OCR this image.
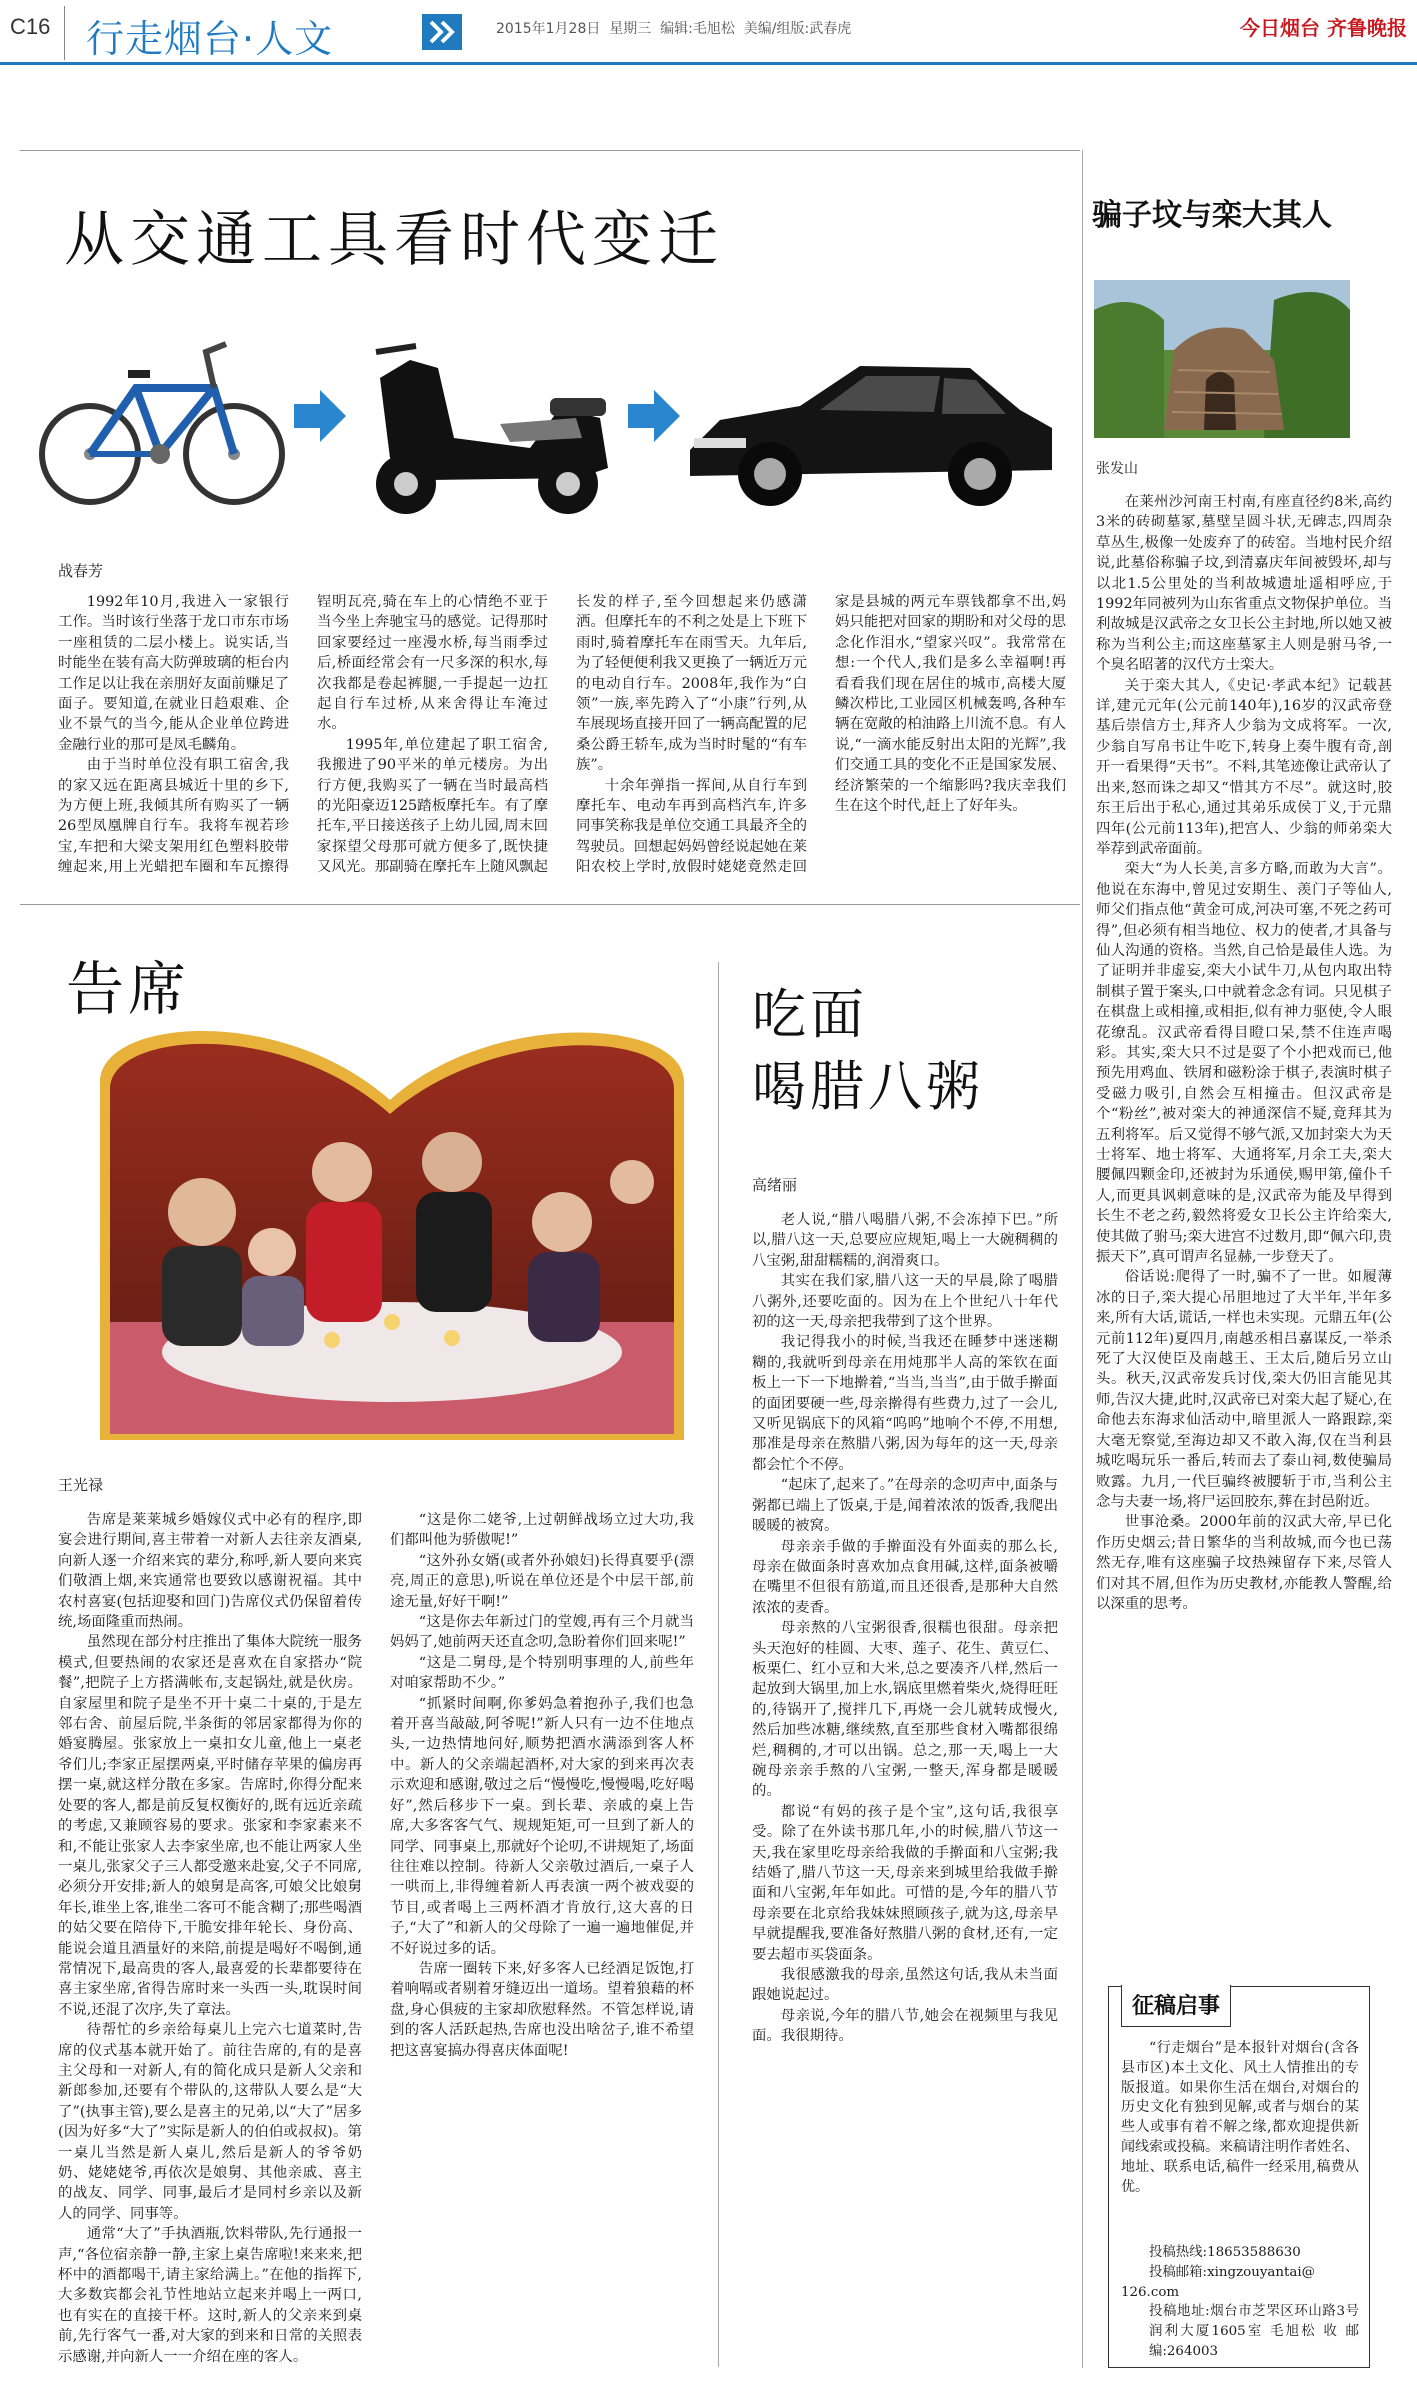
C16 行走烟台·人文	2015年1月28日  星期三  编辑:毛旭松  美编/组版:武春虎	今日烟台 齐鲁晚报
从交通工具看时代变迁
战春芳

1992年10月,我进入一家银行工作。当时该行坐落于龙口市东市场一座租赁的二层小楼上。说实话,当时能坐在装有高大防弹玻璃的柜台内工作足以让我在亲朋好友面前赚足了面子。要知道,在就业日趋艰难、企业不景气的当今,能从企业单位跨进金融行业的那可是凤毛麟角。

由于当时单位没有职工宿舍,我的家又远在距离县城近十里的乡下,为方便上班,我倾其所有购买了一辆26型凤凰牌自行车。我将车视若珍宝,车把和大梁支架用红色塑料胶带缠起来,用上光蜡把车圈和车瓦擦得锃明瓦亮,骑在车上的心情绝不亚于当今坐上奔驰宝马的感觉。记得那时回家要经过一座漫水桥,每当雨季过后,桥面经常会有一尺多深的积水,每次我都是卷起裤腿,一手提起一边扛起自行车过桥,从来舍得让车淹过水。

1995年,单位建起了职工宿舍,我搬进了90平米的单元楼房。为出行方便,我购买了一辆在当时最高档的光阳豪迈125踏板摩托车。有了摩托车,平日接送孩子上幼儿园,周末回家探望父母那可就方便多了,既快捷又风光。那副骑在摩托车上随风飘起长发的样子,至今回想起来仍感潇洒。但摩托车的不利之处是上下班下雨时,骑着摩托车在雨雪天。九年后,为了轻便便利我又更换了一辆近万元的电动自行车。2008年,我作为“白领”一族,率先跨入了“小康”行列,从车展现场直接开回了一辆高配置的尼桑公爵王轿车,成为当时时髦的“有车族”。

十余年弹指一挥间,从自行车到摩托车、电动车再到高档汽车,许多同事笑称我是单位交通工具最齐全的驾驶员。回想起妈妈曾经说起她在莱阳农校上学时,放假时姥姥竟然走回家是县城的两元车票钱都拿不出,妈妈只能把对回家的期盼和对父母的思念化作泪水,“望家兴叹”。我常常在想:一个代人,我们是多么幸福啊!再看看我们现在居住的城市,高楼大厦鳞次栉比,工业园区机械轰鸣,各种车辆在宽敞的柏油路上川流不息。有人说,“一滴水能反射出太阳的光辉”,我们交通工具的变化不正是国家发展、经济繁荣的一个缩影吗?我庆幸我们生在这个时代,赶上了好年头。

告席
王光禄

告席是莱莱城乡婚嫁仪式中必有的程序,即宴会进行期间,喜主带着一对新人去往亲友酒桌,向新人逐一介绍来宾的辈分,称呼,新人要向来宾们敬酒上烟,来宾通常也要致以感谢祝福。其中农村喜宴(包括迎娶和回门)告席仪式仍保留着传统,场面隆重而热闹。

虽然现在部分村庄推出了集体大院统一服务模式,但要热闹的农家还是喜欢在自家搭办“院餐”,把院子上方搭满帐布,支起锅灶,就是伙房。自家屋里和院子是坐不开十桌二十桌的,于是左邻右舍、前屋后院,半条街的邻居家都得为你的婚宴腾屋。张家放上一桌扣女儿童,他上一桌老爷们儿;李家正屋摆两桌,平时储存苹果的偏房再摆一桌,就这样分散在多家。告席时,你得分配来处要的客人,都是前反复权衡好的,既有远近亲疏的考虑,又兼顾容易的要求。张家和李家素来不和,不能让张家人去李家坐席,也不能让两家人坐一桌儿,张家父子三人都受邀来赴宴,父子不同席,必须分开安排;新人的娘舅是高客,可娘父比娘舅年长,谁坐上客,谁坐二客可不能含糊了;那些喝酒的姑父要在陪侍下,干脆安排年轮长、身份高、能说会道且酒量好的来陪,前提是喝好不喝倒,通常情况下,最高贵的客人,最喜爱的长辈都要待在喜主家坐席,省得告席时来一头西一头,耽误时间不说,还混了次序,失了章法。

待帮忙的乡亲给每桌儿上完六七道菜时,告席的仪式基本就开始了。前往告席的,有的是喜主父母和一对新人,有的简化成只是新人父亲和新郎参加,还要有个带队的,这带队人要么是“大了”(执事主管),要么是喜主的兄弟,以“大了”居多(因为好多“大了”实际是新人的伯伯或叔叔)。第一桌儿当然是新人桌儿,然后是新人的爷爷奶奶、姥姥姥爷,再依次是娘舅、其他亲戚、喜主的战友、同学、同事,最后才是同村乡亲以及新人的同学、同事等。

通常“大了”手执酒瓶,饮料带队,先行通报一声,“各位宿亲静一静,主家上桌告席啦!来来来,把杯中的酒都喝干,请主家给满上。”在他的指挥下,大多数宾都会礼节性地站立起来并喝上一两口,也有实在的直接干杯。这时,新人的父亲来到桌前,先行客气一番,对大家的到来和日常的关照表示感谢,并向新人一一介绍在座的客人。

“这是你二姥爷,上过朝鲜战场立过大功,我们都叫他为骄傲呢!”

“这外孙女婿(或者外孙娘妇)长得真要乎(漂亮,周正的意思),听说在单位还是个中层干部,前途无量,好好干啊!”

“这是你去年新过门的堂嫂,再有三个月就当妈妈了,她前两天还直念叨,急盼着你们回来呢!”

“这是二舅母,是个特别明事理的人,前些年对咱家帮助不少。”

“抓紧时间啊,你爹妈急着抱孙子,我们也急着开喜当敲敲,阿爷呢!”新人只有一边不住地点头,一边热情地问好,顺势把酒水满添到客人杯中。新人的父亲端起酒杯,对大家的到来再次表示欢迎和感谢,敬过之后“慢慢吃,慢慢喝,吃好喝好”,然后移步下一桌。到长辈、亲戚的桌上告席,大多客客气气、规规矩矩,可一旦到了新人的同学、同事桌上,那就好个论叨,不讲规矩了,场面往往难以控制。待新人父亲敬过酒后,一桌子人一哄而上,非得缠着新人再表演一两个被戏耍的节目,或者喝上三两杯酒才肯放行,这大喜的日子,“大了”和新人的父母除了一遍一遍地催促,并不好说过多的话。

告席一圈转下来,好多客人已经酒足饭饱,打着响嗝或者剔着牙缝迈出一道场。望着狼藉的杯盘,身心俱疲的主家却欣慰释然。不管怎样说,请到的客人活跃起热,告席也没出啥岔子,谁不希望把这喜宴搞办得喜庆体面呢!

吃面
喝腊八粥
高绪丽

老人说,“腊八喝腊八粥,不会冻掉下巴。”所以,腊八这一天,总要应应规矩,喝上一大碗稠稠的八宝粥,甜甜糯糯的,润滑爽口。

其实在我们家,腊八这一天的早晨,除了喝腊八粥外,还要吃面的。因为在上个世纪八十年代初的这一天,母亲把我带到了这个世界。

我记得我小的时候,当我还在睡梦中迷迷糊糊的,我就听到母亲在用炖那半人高的笨钦在面板上一下一下地擀着,“当当,当当”,由于做手擀面的面团要硬一些,母亲擀得有些费力,过了一会儿,又听见锅底下的风箱“呜呜”地响个不停,不用想,那准是母亲在熬腊八粥,因为每年的这一天,母亲都会忙个不停。

“起床了,起来了。”在母亲的念叨声中,面条与粥都已端上了饭桌,于是,闻着浓浓的饭香,我爬出暖暖的被窝。

母亲亲手做的手擀面没有外面卖的那么长,母亲在做面条时喜欢加点食用碱,这样,面条被嚼在嘴里不但很有筋道,而且还很香,是那种大自然浓浓的麦香。

母亲熬的八宝粥很香,很糯也很甜。母亲把头天泡好的桂圆、大枣、莲子、花生、黄豆仁、板栗仁、红小豆和大米,总之要凑齐八样,然后一起放到大锅里,加上水,锅底里燃着柴火,烧得旺旺的,待锅开了,搅拌几下,再烧一会儿就转成慢火,然后加些冰糖,继续熬,直至那些食材入嘴都很绵烂,稠稠的,才可以出锅。总之,那一天,喝上一大碗母亲亲手熬的八宝粥,一整天,浑身都是暖暖的。

都说“有妈的孩子是个宝”,这句话,我很享受。除了在外读书那几年,小的时候,腊八节这一天,我在家里吃母亲给我做的手擀面和八宝粥;我结婚了,腊八节这一天,母亲来到城里给我做手擀面和八宝粥,年年如此。可惜的是,今年的腊八节母亲要在北京给我妹妹照顾孩子,就为这,母亲早早就提醒我,要准备好熬腊八粥的食材,还有,一定要去超市买袋面条。

我很感激我的母亲,虽然这句话,我从未当面跟她说起过。

母亲说,今年的腊八节,她会在视频里与我见面。我很期待。

骗子坟与栾大其人
张发山

在莱州沙河南王村南,有座直径约8米,高约3米的砖砌墓冢,墓壁呈圆斗状,无碑志,四周杂草丛生,极像一处废弃了的砖窑。当地村民介绍说,此墓俗称骗子坟,到清嘉庆年间被毁坏,却与以北1.5公里处的当利故城遗址遥相呼应,于1992年同被列为山东省重点文物保护单位。当利故城是汉武帝之女卫长公主封地,所以她又被称为当利公主;而这座墓冢主人则是驸马爷,一个臭名昭著的汉代方士栾大。

关于栾大其人,《史记·孝武本纪》记载甚详,建元元年(公元前140年),16岁的汉武帝登基后崇信方士,拜齐人少翁为文成将军。一次,少翁自写帛书让牛吃下,转身上奏牛腹有奇,剖开一看果得“天书”。不料,其笔迹像让武帝认了出来,怒而诛之却又“惜其方不尽”。就这时,胶东王后出于私心,通过其弟乐成侯丁义,于元鼎四年(公元前113年),把宫人、少翁的师弟栾大举荐到武帝面前。

栾大“为人长美,言多方略,而敢为大言”。他说在东海中,曾见过安期生、羡门子等仙人,师父们指点他“黄金可成,河决可塞,不死之药可得”,但必须有相当地位、权力的使者,才具备与仙人沟通的资格。当然,自己恰是最佳人选。为了证明并非虚妄,栾大小试牛刀,从包内取出特制棋子置于案头,口中就着念念有词。只见棋子在棋盘上或相撞,或相拒,似有神力驱使,令人眼花缭乱。汉武帝看得目瞪口呆,禁不住连声喝彩。其实,栾大只不过是耍了个小把戏而已,他预先用鸡血、铁屑和磁粉涂于棋子,表演时棋子受磁力吸引,自然会互相撞击。但汉武帝是个“粉丝”,被对栾大的神通深信不疑,竟拜其为五利将军。后又觉得不够气派,又加封栾大为天士将军、地士将军、大通将军,月余工夫,栾大腰佩四颗金印,还被封为乐通侯,赐甲第,僮仆千人,而更具讽刺意味的是,汉武帝为能及早得到长生不老之药,毅然将爱女卫长公主许给栾大,使其做了驸马;栾大进宫不过数月,即“佩六印,贵振天下”,真可谓声名显赫,一步登天了。

俗话说:爬得了一时,骗不了一世。如履薄冰的日子,栾大提心吊胆地过了大半年,半年多来,所有大话,谎话,一样也未实现。元鼎五年(公元前112年)夏四月,南越丞相吕嘉谋反,一举杀死了大汉使臣及南越王、王太后,随后另立山头。秋天,汉武帝发兵讨伐,栾大仍旧言能见其师,告汉大捷,此时,汉武帝已对栾大起了疑心,在命他去东海求仙活动中,暗里派人一路跟踪,栾大毫无察觉,至海边却又不敢入海,仅在当利县城吃喝玩乐一番后,转而去了泰山祠,数使骗局败露。九月,一代巨骗终被腰斩于市,当利公主念与夫妻一场,将尸运回胶东,葬在封邑附近。

世事沧桑。2000年前的汉武大帝,早已化作历史烟云;昔日繁华的当利故城,而今也已荡然无存,唯有这座骗子坟热辣留存下来,尽管人们对其不屑,但作为历史教材,亦能教人警醒,给以深重的思考。

征稿启事

“行走烟台”是本报针对烟台(含各县市区)本土文化、风土人情推出的专版报道。如果你生活在烟台,对烟台的历史文化有独到见解,或者与烟台的某些人或事有着不解之缘,都欢迎提供新闻线索或投稿。来稿请注明作者姓名、地址、联系电话,稿件一经采用,稿费从优。

投稿热线:18653588630
投稿邮箱:xingzouyantai@
126.com
投稿地址:烟台市芝罘区环山路3号润利大厦1605室 毛旭松 收 邮编:264003
